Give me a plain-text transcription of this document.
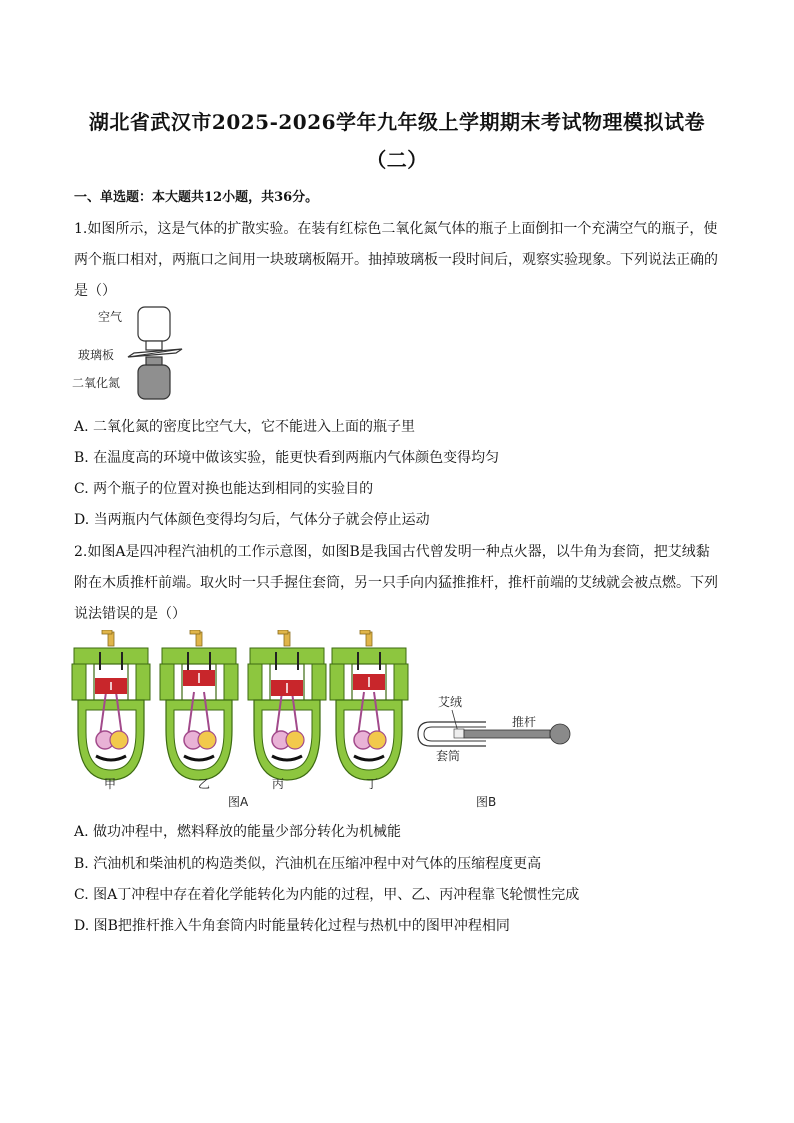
湖北省武汉市2025-2026学年九年级上学期期末考试物理模拟试卷
（二）
一、单选题：本大题共12小题，共36分。
1.如图所示，这是气体的扩散实验。在装有红棕色二氧化氮气体的瓶子上面倒扣一个充满空气的瓶子，使
两个瓶口相对，两瓶口之间用一块玻璃板隔开。抽掉玻璃板一段时间后，观察实验现象。下列说法正确的
是（）
空气
玻璃板
二氧化氮
A. 二氧化氮的密度比空气大，它不能进入上面的瓶子里
B. 在温度高的环境中做该实验，能更快看到两瓶内气体颜色变得均匀
C. 两个瓶子的位置对换也能达到相同的实验目的
D. 当两瓶内气体颜色变得均匀后，气体分子就会停止运动
2.如图A是四冲程汽油机的工作示意图，如图B是我国古代曾发明一种点火器，以牛角为套筒，把艾绒黏
附在木质推杆前端。取火时一只手握住套筒，另一只手向内猛推推杆，推杆前端的艾绒就会被点燃。下列
说法错误的是（）
甲	乙	丙	丁
图A
艾绒
推杆
套筒
图B
A. 做功冲程中，燃料释放的能量少部分转化为机械能
B. 汽油机和柴油机的构造类似，汽油机在压缩冲程中对气体的压缩程度更高
C. 图A丁冲程中存在着化学能转化为内能的过程，甲、乙、丙冲程靠飞轮惯性完成
D. 图B把推杆推入牛角套筒内时能量转化过程与热机中的图甲冲程相同
